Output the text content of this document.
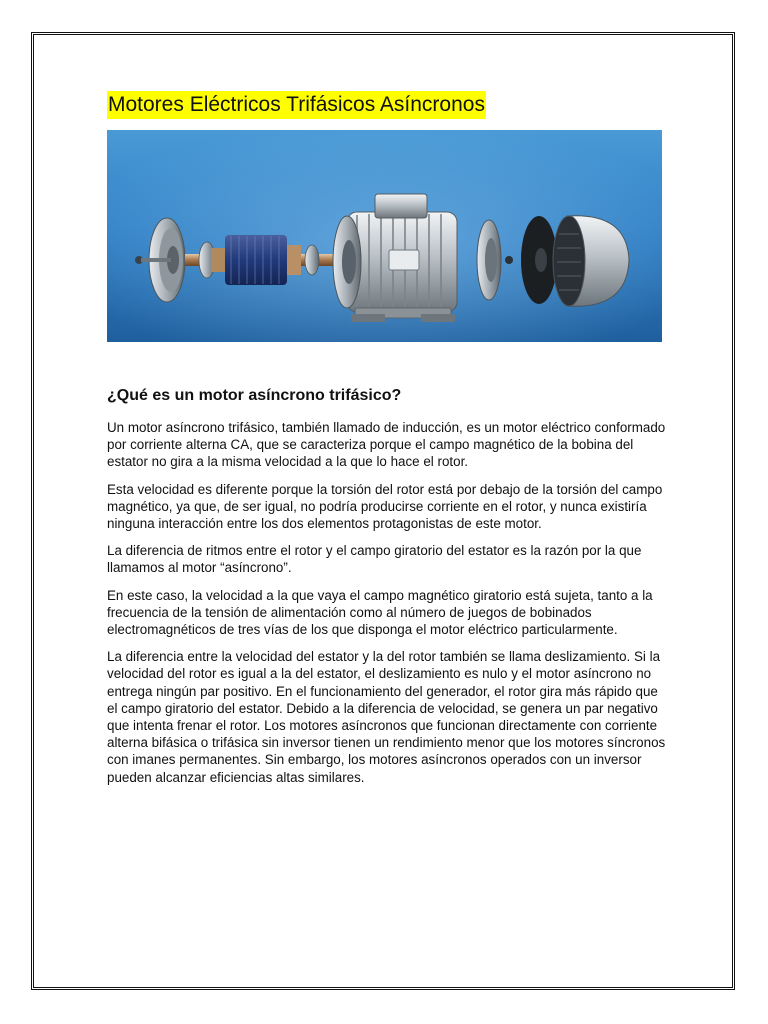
Motores Eléctricos Trifásicos Asíncronos
¿Qué es un motor asíncrono trifásico?

Un motor asíncrono trifásico, también llamado de inducción, es un motor eléctrico conformado por corriente alterna CA, que se caracteriza porque el campo magnético de la bobina del estator no gira a la misma velocidad a la que lo hace el rotor.

Esta velocidad es diferente porque la torsión del rotor está por debajo de la torsión del campo magnético, ya que, de ser igual, no podría producirse corriente en el rotor, y nunca existiría ninguna interacción entre los dos elementos protagonistas de este motor.

La diferencia de ritmos entre el rotor y el campo giratorio del estator es la razón por la que llamamos al motor “asíncrono”.

En este caso, la velocidad a la que vaya el campo magnético giratorio está sujeta, tanto a la frecuencia de la tensión de alimentación como al número de juegos de bobinados electromagnéticos de tres vías de los que disponga el motor eléctrico particularmente.

La diferencia entre la velocidad del estator y la del rotor también se llama deslizamiento. Si la velocidad del rotor es igual a la del estator, el deslizamiento es nulo y el motor asíncrono no entrega ningún par positivo. En el funcionamiento del generador, el rotor gira más rápido que el campo giratorio del estator. Debido a la diferencia de velocidad, se genera un par negativo que intenta frenar el rotor. Los motores asíncronos que funcionan directamente con corriente alterna bifásica o trifásica sin inversor tienen un rendimiento menor que los motores síncronos con imanes permanentes. Sin embargo, los motores asíncronos operados con un inversor pueden alcanzar eficiencias altas similares.
